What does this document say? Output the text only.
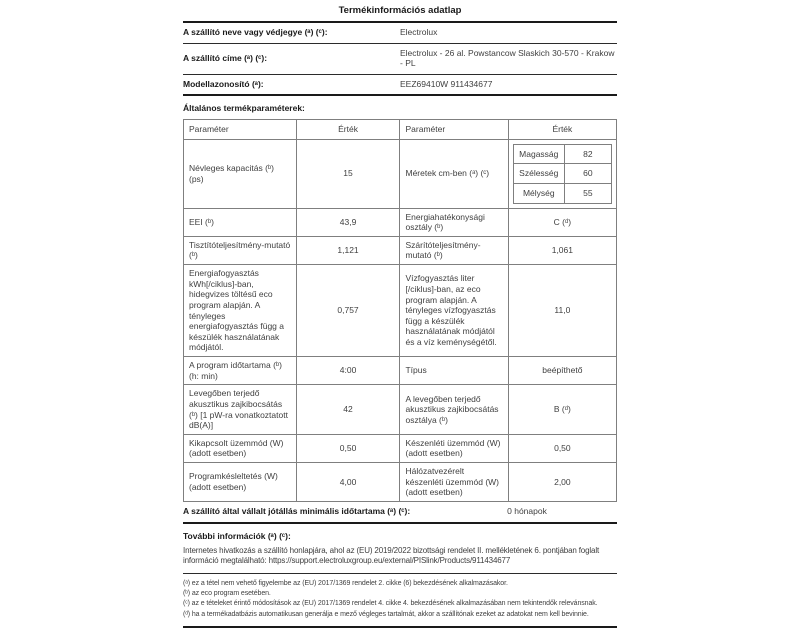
Termékinformációs adatlap
A szállító neve vagy védjegye (ᵃ) (ᶜ):	Electrolux
A szállító címe (ᵃ) (ᶜ):
Electrolux - 26 al. Powstancow Slaskich 30-570 - Krakow - PL
Modellazonosító (ᵃ):	EEZ69410W 911434677
Általános termékparaméterek:
Paraméter	Érték	Paraméter	Érték
Névleges kapacitás (ᵇ) (ps)	15	Méretek cm-ben (ᵃ) (ᶜ)	
Magasság	82
Szélesség	60
Mélység	55

EEI (ᵇ)	43,9	Energiahatékonysági osztály (ᵇ)	C (ᵈ)
Tisztítóteljesítmény-mutató (ᵇ)	1,121	Szárítóteljesítmény-mutató (ᵇ)	1,061
Energiafogyasztás kWh[/ciklus]-ban, hidegvizes töltésű eco program alapján. A tényleges energiafogyasztás függ a készülék használatának módjától.	0,757	Vízfogyasztás liter [/ciklus]-ban, az eco program alapján. A tényleges vízfogyasztás függ a készülék használatának módjától és a víz keménységétől.	11,0
A program időtartama (ᵇ) (h: min)	4:00	Típus	beépíthető
Levegőben terjedő akusztikus zajkibocsátás (ᵇ) [1 pW-ra vonatkoztatott dB(A)]	42	A levegőben terjedő akusztikus zajkibocsátás osztálya (ᵇ)	B (ᵈ)
Kikapcsolt üzemmód (W) (adott esetben)	0,50	Készenléti üzemmód (W) (adott esetben)	0,50
Programkésleltetés (W) (adott esetben)	4,00	Hálózatvezérelt készenléti üzemmód (W) (adott esetben)	2,00
A szállító által vállalt jótállás minimális időtartama (ᵃ) (ᶜ):	0 hónapok
További információk (ᵃ) (ᶜ):
Internetes hivatkozás a szállító honlapjára, ahol az (EU) 2019/2022 bizottsági rendelet II. mellékletének 6. pontjában foglalt információ megtalálható: https://support.electroluxgroup.eu/external/PISlink/Products/911434677
(ᵃ) ez a tétel nem vehető figyelembe az (EU) 2017/1369 rendelet 2. cikke (6) bekezdésének alkalmazásakor.
(ᵇ) az eco program esetében.
(ᶜ) az e tételeket érintő módosítások az (EU) 2017/1369 rendelet 4. cikke 4. bekezdésének alkalmazásában nem tekintendők relevánsnak.
(ᵈ) ha a termékadatbázis automatikusan generálja e mező végleges tartalmát, akkor a szállítónak ezeket az adatokat nem kell bevinnie.
